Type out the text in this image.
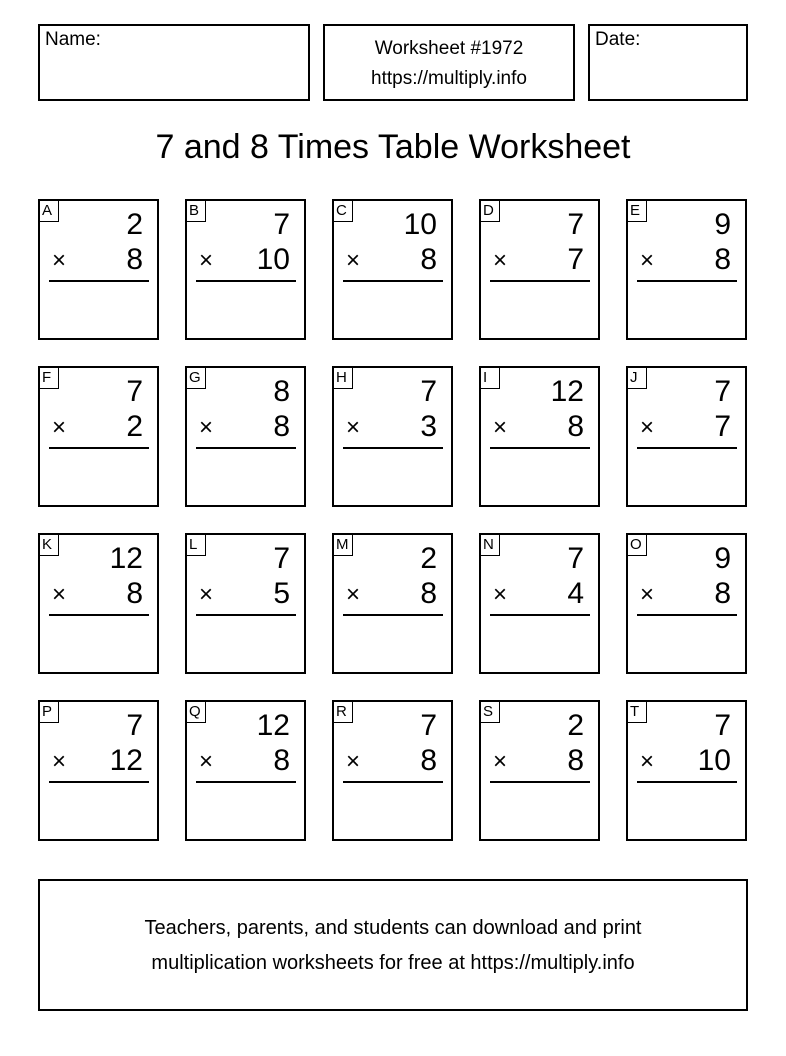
Name:	Worksheet #1972
https://multiply.info
Date:
7 and 8 Times Table Worksheet
A 2
× 8
B 7
× 10
C 10
× 8
D 7
× 7
E 9
× 8
F	7
× 2
G 8
× 8
H 7
× 3
I	12
× 8
J	7
× 7
K 12
× 8
L	7
× 5
M 2
× 8
N 7
× 4
O 9
× 8
P 7
× 12
Q 12
× 8
R 7
× 8
S 2
× 8
T	7
× 10
Teachers, parents, and students can download and print
multiplication worksheets for free at https://multiply.info
